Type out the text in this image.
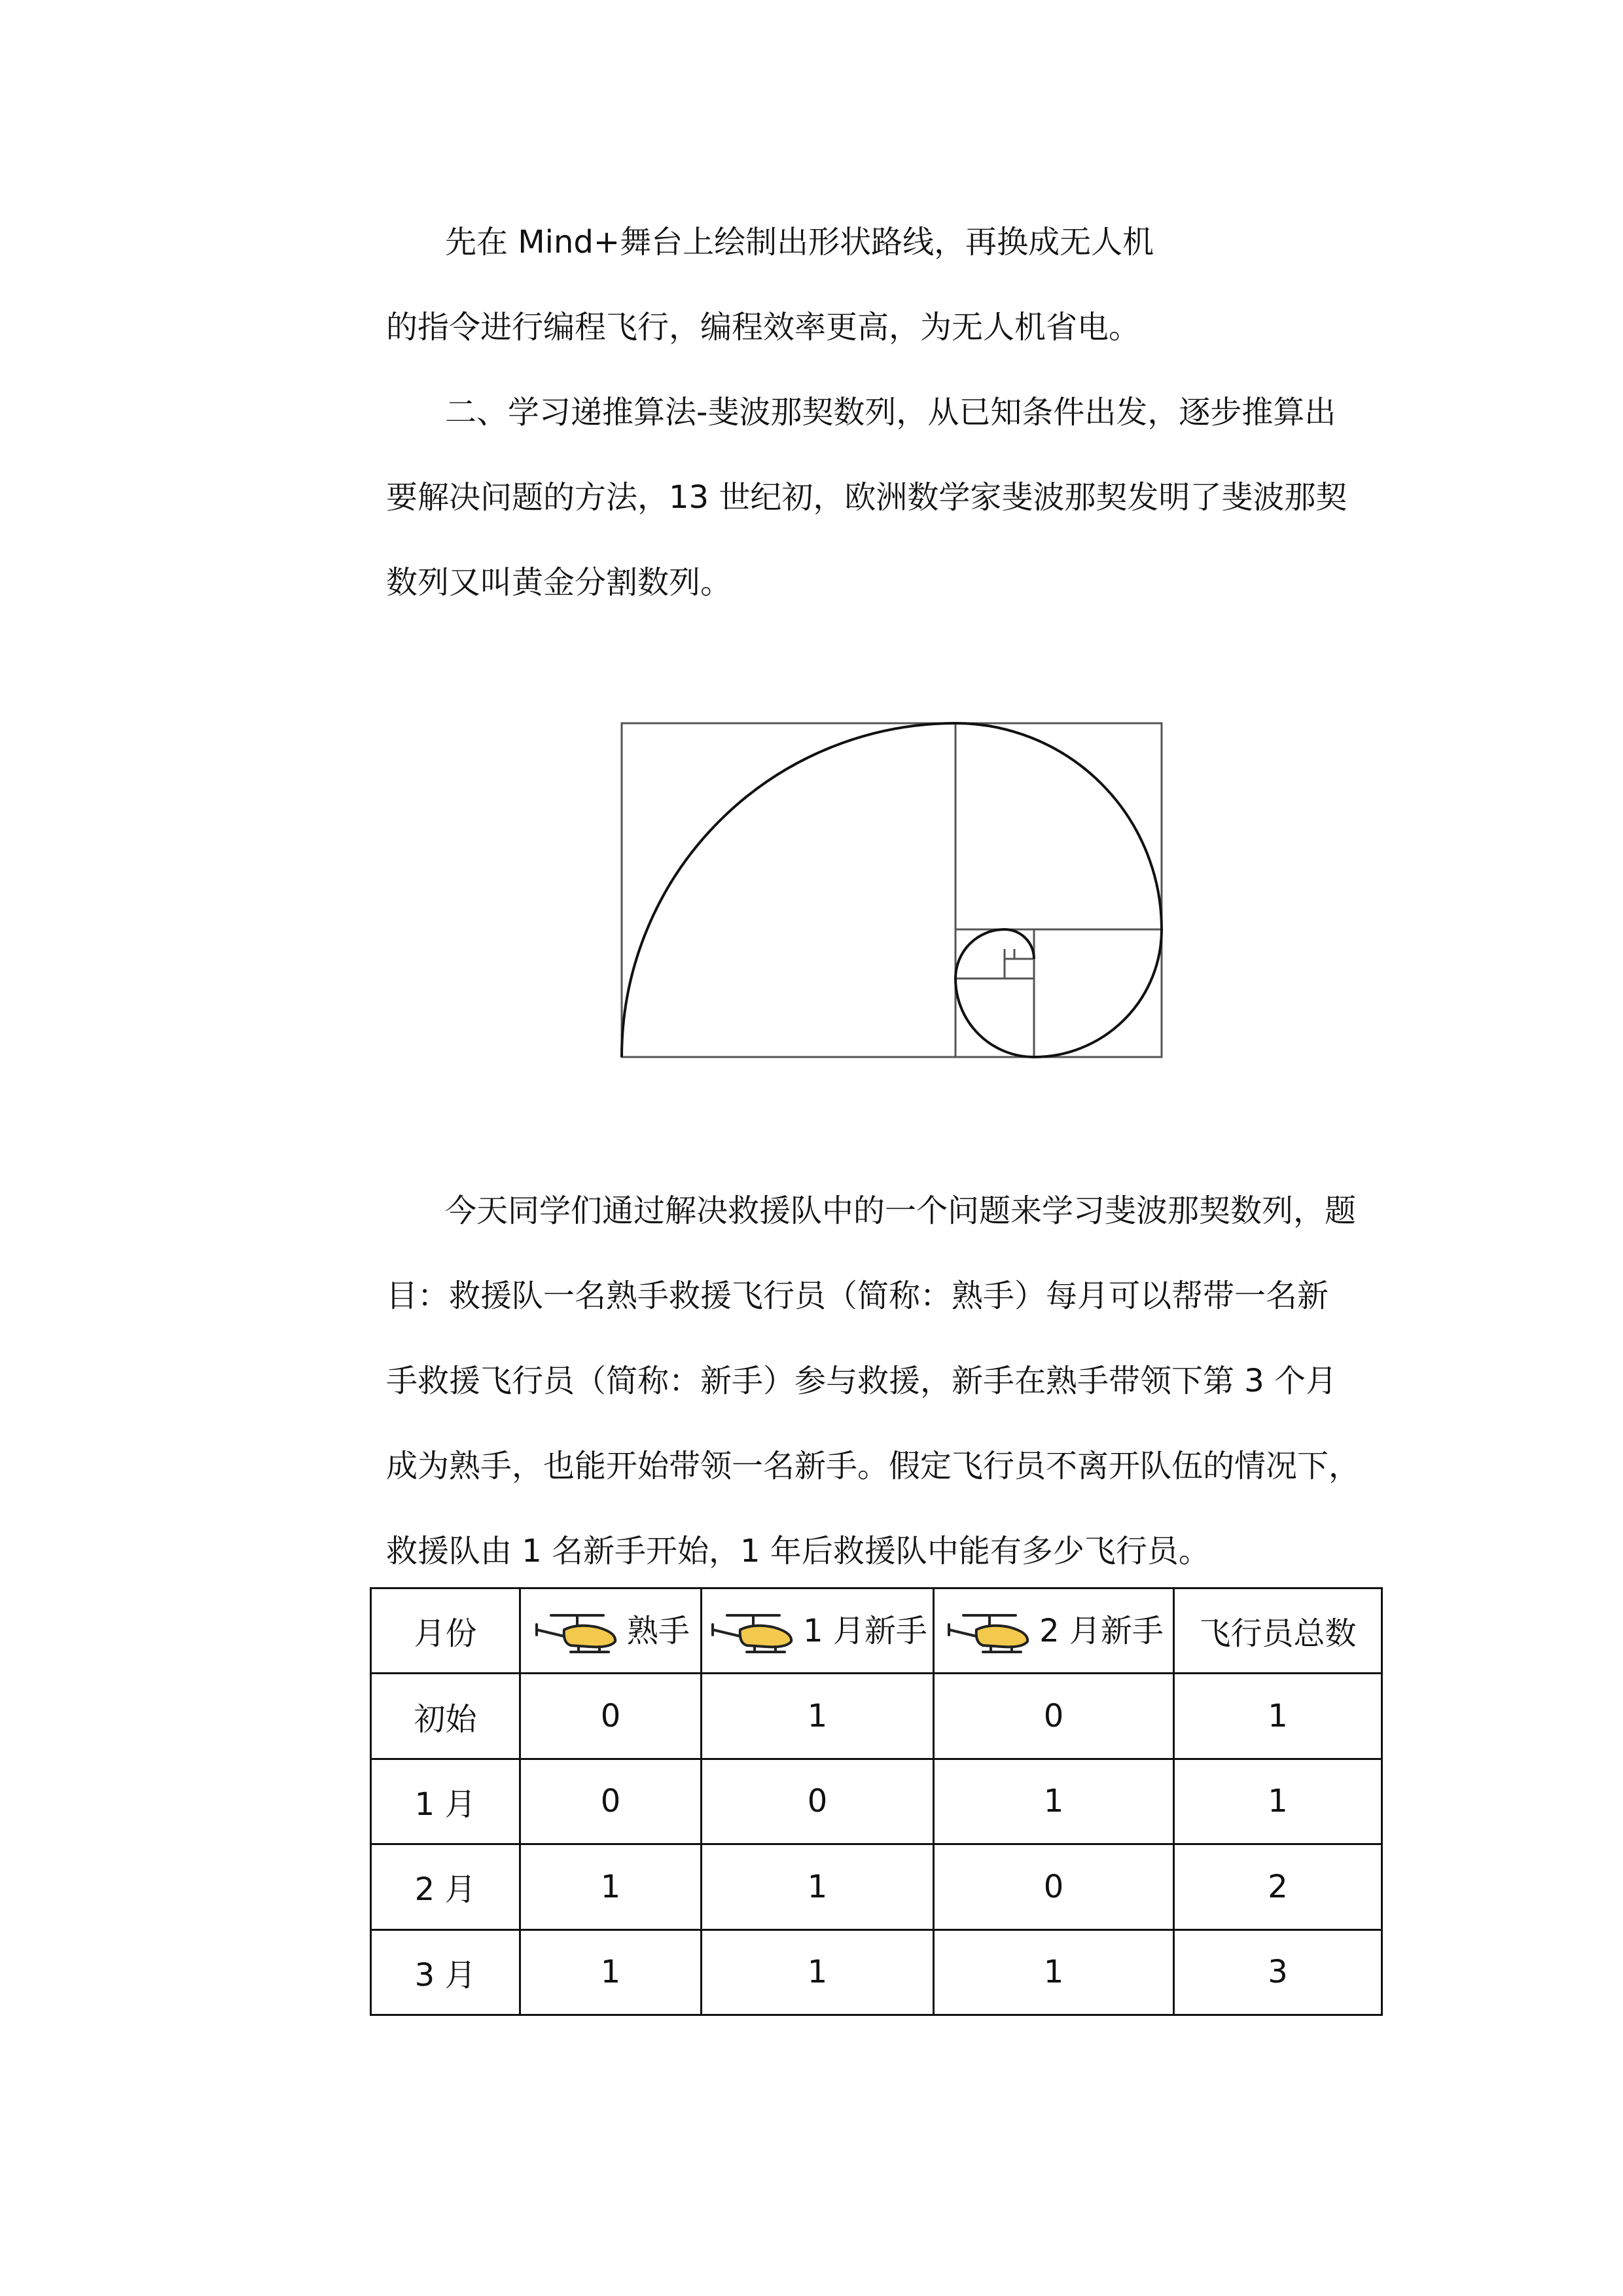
先在 Mind+舞台上绘制出形状路线，再换成无人机
的指令进行编程飞行，编程效率更高，为无人机省电。
二、学习递推算法-斐波那契数列，从已知条件出发，逐步推算出
要解决问题的方法，13 世纪初，欧洲数学家斐波那契发明了斐波那契
数列又叫黄金分割数列。
今天同学们通过解决救援队中的一个问题来学习斐波那契数列，题
目：救援队一名熟手救援飞行员（简称：熟手）每月可以帮带一名新
手救援飞行员（简称：新手）参与救援，新手在熟手带领下第 3 个月
成为熟手，也能开始带领一名新手。假定飞行员不离开队伍的情况下，
救援队由 1 名新手开始，1 年后救援队中能有多少飞行员。
月份	熟手	1 月新手	2 月新手	飞行员总数
初始	0	1	0	1
1 月	0	0	1	1
2 月	1	1	0	2
3 月	1	1	1	3
